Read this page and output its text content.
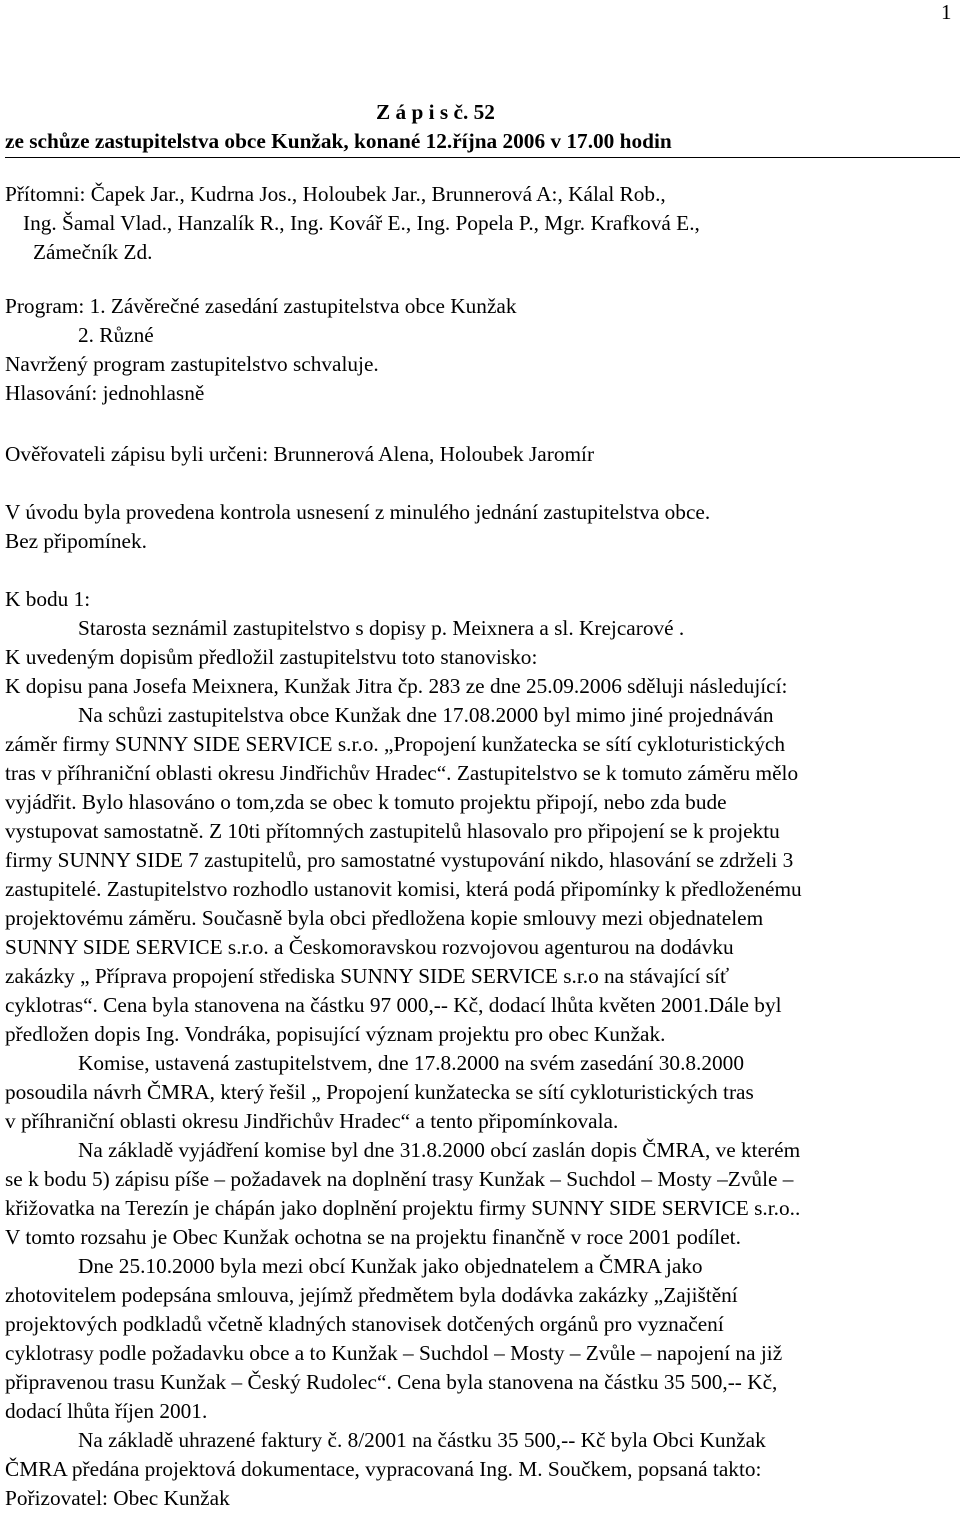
1
Z á p i s č. 52
ze schůze zastupitelstva obce Kunžak, konané 12.října 2006 v 17.00 hodin
Přítomni: Čapek Jar., Kudrna Jos., Holoubek Jar., Brunnerová A:, Kálal Rob.,
Ing. Šamal Vlad., Hanzalík R., Ing. Kovář E., Ing. Popela P., Mgr. Krafková E.,
Zámečník Zd.
Program: 1. Závěrečné zasedání zastupitelstva obce Kunžak
2. Různé
Navržený program zastupitelstvo schvaluje.
Hlasování: jednohlasně
Ověřovateli zápisu byli určeni: Brunnerová Alena, Holoubek Jaromír
V úvodu byla provedena kontrola usnesení z minulého jednání zastupitelstva obce.
Bez připomínek.
K bodu 1:
Starosta seznámil zastupitelstvo s dopisy p. Meixnera a sl. Krejcarové .
K uvedeným dopisům předložil zastupitelstvu toto stanovisko:
K dopisu pana Josefa Meixnera, Kunžak Jitra čp. 283 ze dne 25.09.2006 sděluji následující:
Na schůzi zastupitelstva obce Kunžak dne 17.08.2000 byl mimo jiné projednáván
záměr firmy SUNNY SIDE SERVICE s.r.o. „Propojení kunžatecka se sítí cykloturistických
tras v příhraniční oblasti okresu Jindřichův Hradec“. Zastupitelstvo se k tomuto záměru mělo
vyjádřit. Bylo hlasováno o tom,zda se obec k tomuto projektu připojí, nebo zda bude
vystupovat samostatně. Z 10ti přítomných zastupitelů hlasovalo pro připojení se k projektu
firmy SUNNY SIDE 7 zastupitelů, pro samostatné vystupování nikdo, hlasování se zdrželi 3
zastupitelé. Zastupitelstvo rozhodlo ustanovit komisi, která podá připomínky k předloženému
projektovému záměru. Současně byla obci předložena kopie smlouvy mezi objednatelem
SUNNY SIDE SERVICE s.r.o. a Českomoravskou rozvojovou agenturou na dodávku
zakázky „ Příprava propojení střediska SUNNY SIDE SERVICE s.r.o na stávající síť
cyklotras“. Cena byla stanovena na částku 97 000,-- Kč, dodací lhůta květen 2001.Dále byl
předložen dopis Ing. Vondráka, popisující význam projektu pro obec Kunžak.
Komise, ustavená zastupitelstvem, dne 17.8.2000 na svém zasedání 30.8.2000
posoudila návrh ČMRA, který řešil „ Propojení kunžatecka se sítí cykloturistických tras
v příhraniční oblasti okresu Jindřichův Hradec“ a tento připomínkovala.
Na základě vyjádření komise byl dne 31.8.2000 obcí zaslán dopis ČMRA, ve kterém
se k bodu 5) zápisu píše – požadavek na doplnění trasy Kunžak – Suchdol – Mosty –Zvůle –
křižovatka na Terezín je chápán jako doplnění projektu firmy SUNNY SIDE SERVICE s.r.o..
V tomto rozsahu je Obec Kunžak ochotna se na projektu finančně v roce 2001 podílet.
Dne 25.10.2000 byla mezi obcí Kunžak jako objednatelem a ČMRA jako
zhotovitelem podepsána smlouva, jejímž předmětem byla dodávka zakázky „Zajištění
projektových podkladů včetně kladných stanovisek dotčených orgánů pro vyznačení
cyklotrasy podle požadavku obce a to Kunžak – Suchdol – Mosty – Zvůle – napojení na již
připravenou trasu Kunžak – Český Rudolec“. Cena byla stanovena na částku 35 500,-- Kč,
dodací lhůta říjen 2001.
Na základě uhrazené faktury č. 8/2001 na částku 35 500,-- Kč byla Obci Kunžak
ČMRA předána projektová dokumentace, vypracovaná Ing. M. Součkem, popsaná takto:
Pořizovatel: Obec Kunžak
